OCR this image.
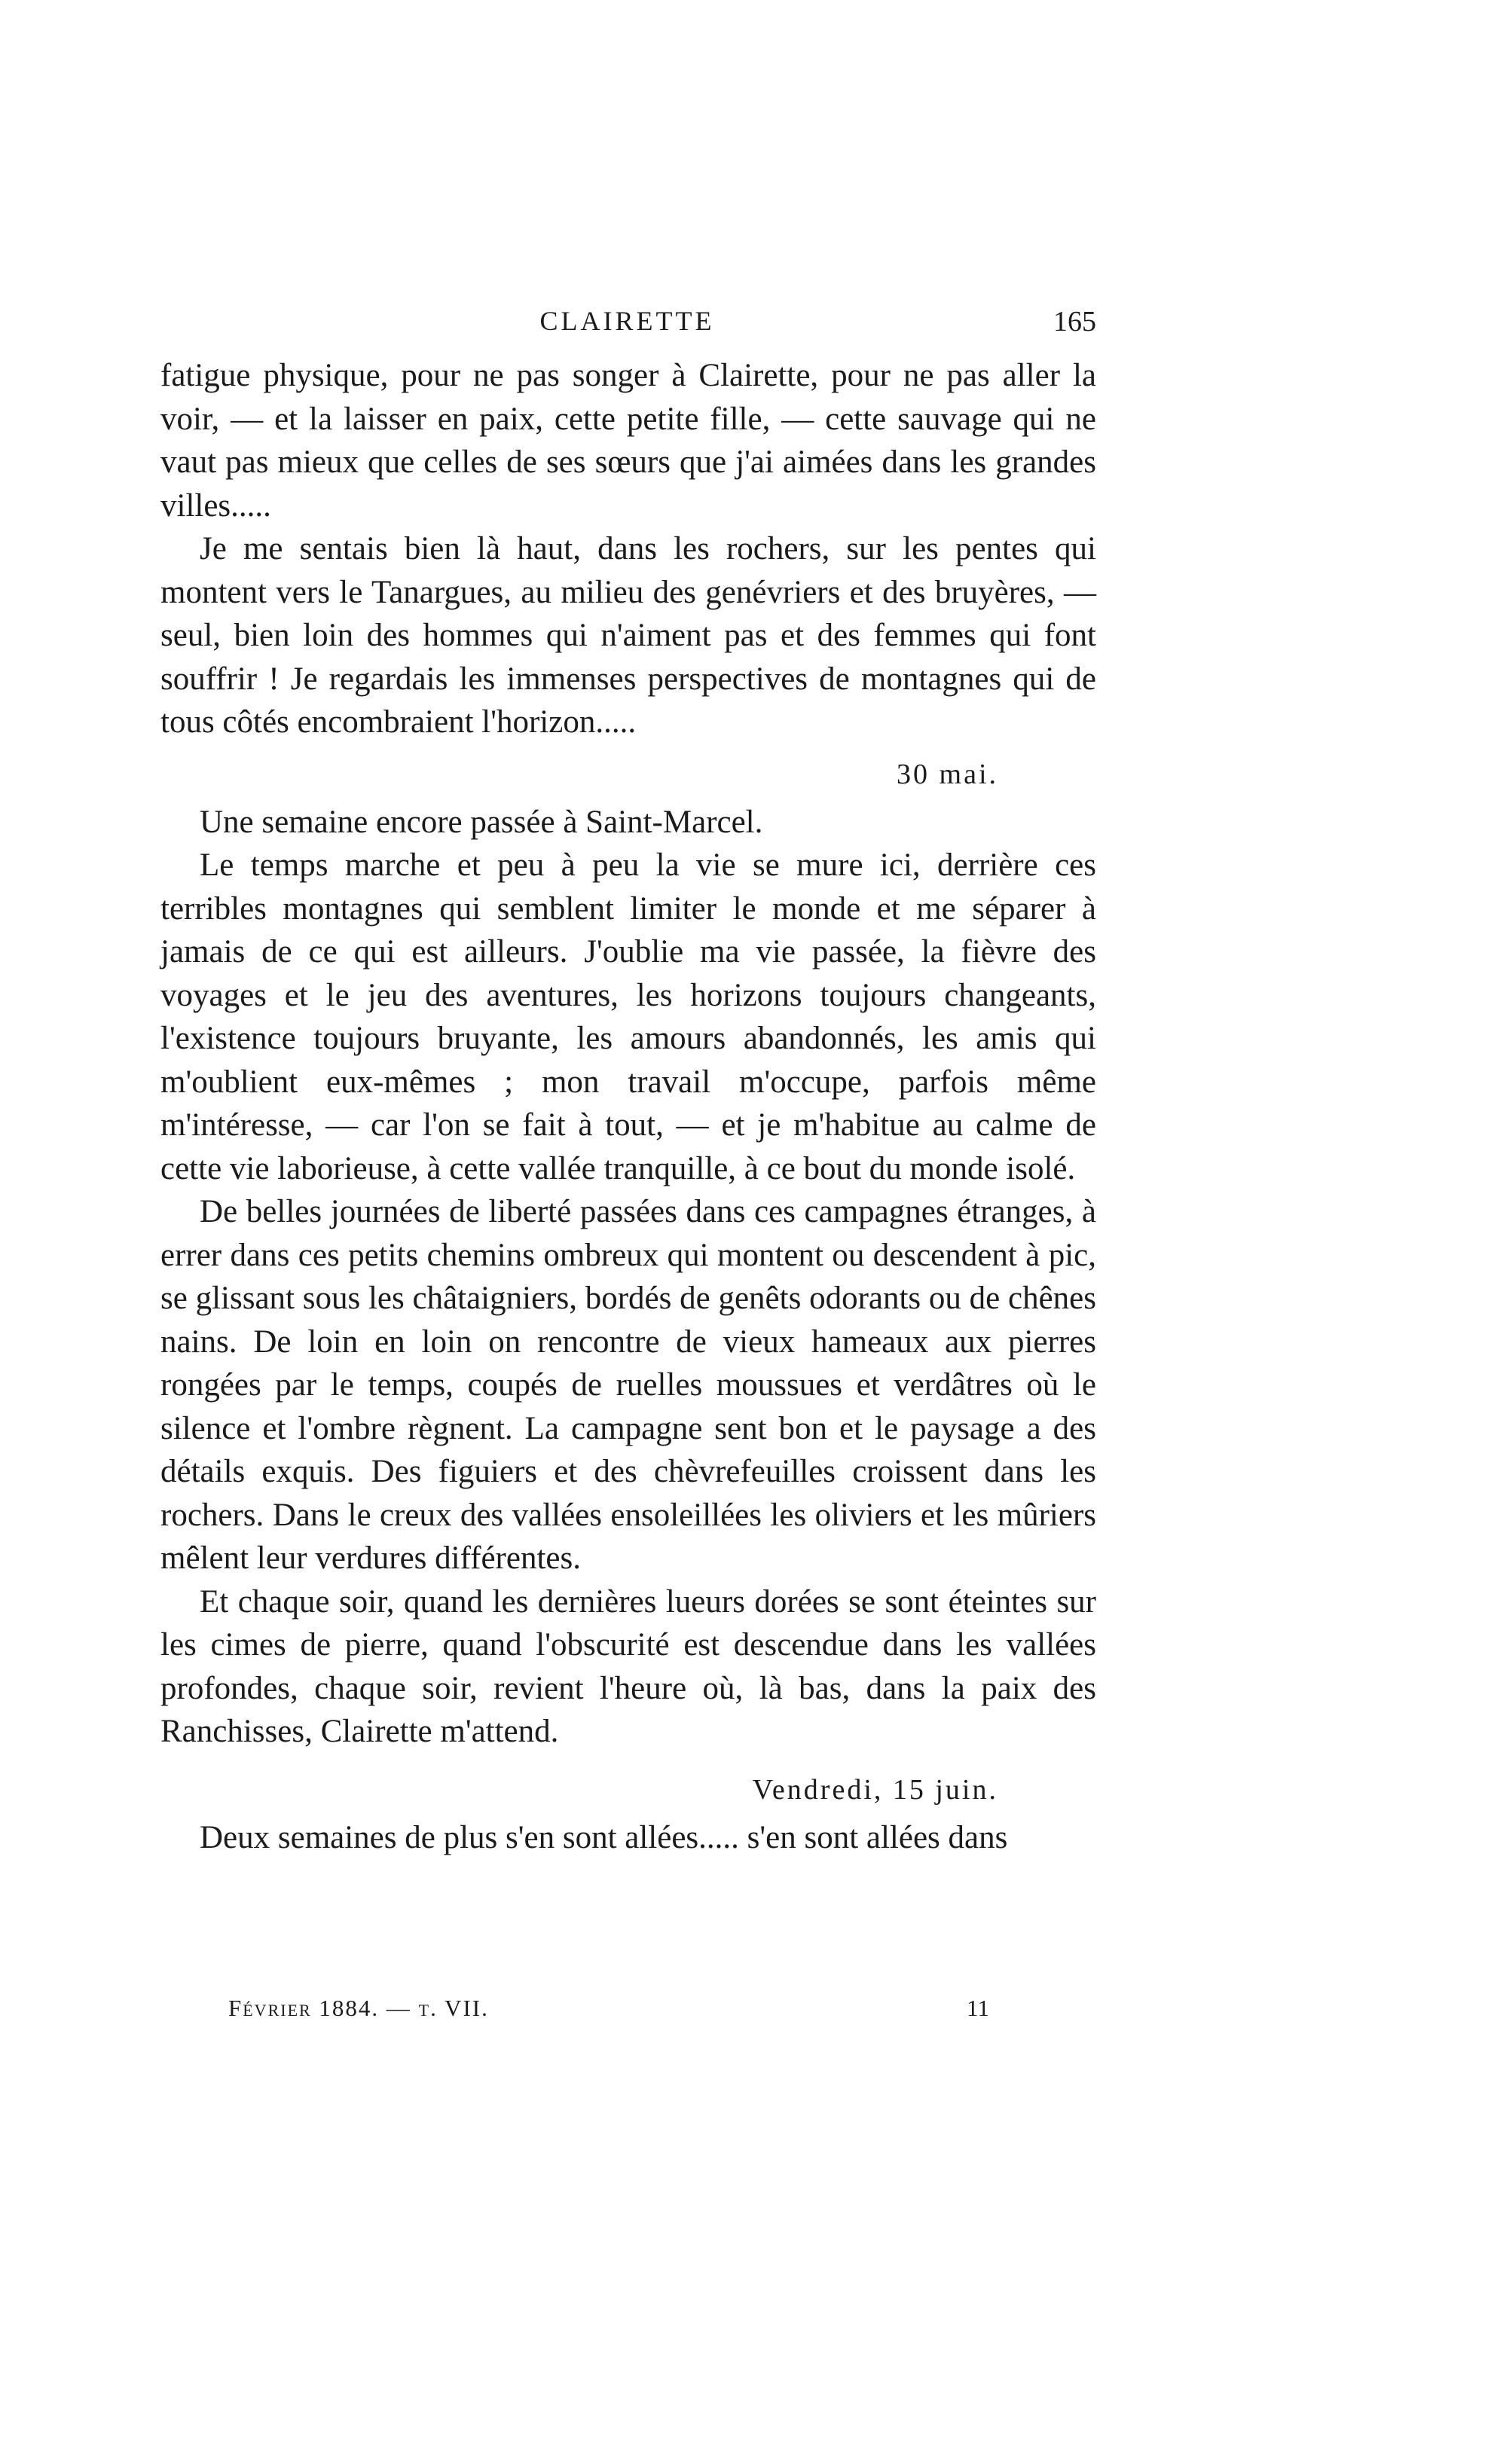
CLAIRETTE	165

fatigue physique, pour ne pas songer à Clairette, pour ne pas aller la voir, — et la laisser en paix, cette petite fille, — cette sauvage qui ne vaut pas mieux que celles de ses sœurs que j'ai aimées dans les grandes villes.....

Je me sentais bien là haut, dans les rochers, sur les pentes qui montent vers le Tanargues, au milieu des genévriers et des bruyères, — seul, bien loin des hommes qui n'aiment pas et des femmes qui font souffrir ! Je regardais les immenses perspectives de montagnes qui de tous côtés encombraient l'horizon.....

30 mai.

Une semaine encore passée à Saint-Marcel.

Le temps marche et peu à peu la vie se mure ici, derrière ces terribles montagnes qui semblent limiter le monde et me séparer à jamais de ce qui est ailleurs. J'oublie ma vie passée, la fièvre des voyages et le jeu des aventures, les horizons toujours changeants, l'existence toujours bruyante, les amours abandonnés, les amis qui m'oublient eux-mêmes ; mon travail m'occupe, parfois même m'intéresse, — car l'on se fait à tout, — et je m'habitue au calme de cette vie laborieuse, à cette vallée tranquille, à ce bout du monde isolé.

De belles journées de liberté passées dans ces campagnes étranges, à errer dans ces petits chemins ombreux qui montent ou descendent à pic, se glissant sous les châtaigniers, bordés de genêts odorants ou de chênes nains. De loin en loin on rencontre de vieux hameaux aux pierres rongées par le temps, coupés de ruelles moussues et verdâtres où le silence et l'ombre règnent. La campagne sent bon et le paysage a des détails exquis. Des figuiers et des chèvrefeuilles croissent dans les rochers. Dans le creux des vallées ensoleillées les oliviers et les mûriers mêlent leur verdures différentes.

Et chaque soir, quand les dernières lueurs dorées se sont éteintes sur les cimes de pierre, quand l'obscurité est descendue dans les vallées profondes, chaque soir, revient l'heure où, là bas, dans la paix des Ranchisses, Clairette m'attend.

Vendredi, 15 juin.

Deux semaines de plus s'en sont allées..... s'en sont allées dans

Février 1884. — t. VII.	11
